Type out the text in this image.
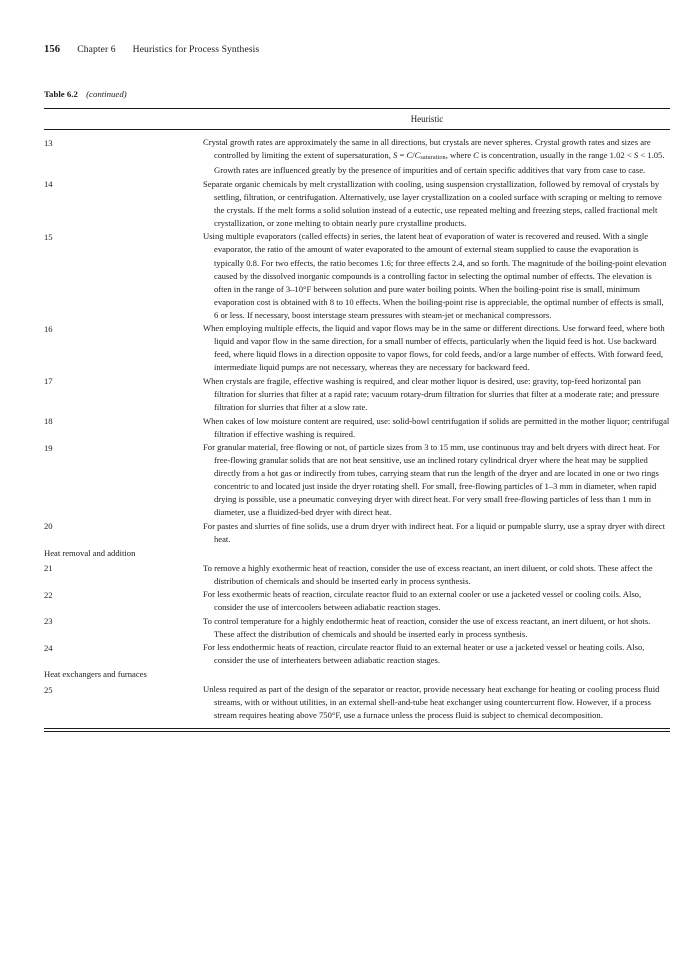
156 Chapter 6 Heuristics for Process Synthesis
Table 6.2 (continued)
Heuristic
13	Crystal growth rates are approximately the same in all directions, but crystals are never spheres. Crystal growth rates and sizes are controlled by limiting the extent of supersaturation, $S = C/C_{saturation}$, where C is concentration, usually in the range 1.02 < S < 1.05. Growth rates are influenced greatly by the presence of impurities and of certain specific additives that vary from case to case.
14	Separate organic chemicals by melt crystallization with cooling, using suspension crystallization, followed by removal of crystals by settling, filtration, or centrifugation. Alternatively, use layer crystallization on a cooled surface with scraping or melting to remove the crystals. If the melt forms a solid solution instead of a eutectic, use repeated melting and freezing steps, called fractional melt crystallization, or zone melting to obtain nearly pure crystalline products.
15	Using multiple evaporators (called effects) in series, the latent heat of evaporation of water is recovered and reused. With a single evaporator, the ratio of the amount of water evaporated to the amount of external steam supplied to cause the evaporation is typically 0.8. For two effects, the ratio becomes 1.6; for three effects 2.4, and so forth. The magnitude of the boiling-point elevation caused by the dissolved inorganic compounds is a controlling factor in selecting the optimal number of effects. The elevation is often in the range of 3–10°F between solution and pure water boiling points. When the boiling-point rise is small, minimum evaporation cost is obtained with 8 to 10 effects. When the boiling-point rise is appreciable, the optimal number of effects is small, 6 or less. If necessary, boost interstage steam pressures with steam-jet or mechanical compressors.
16	When employing multiple effects, the liquid and vapor flows may be in the same or different directions. Use forward feed, where both liquid and vapor flow in the same direction, for a small number of effects, particularly when the liquid feed is hot. Use backward feed, where liquid flows in a direction opposite to vapor flows, for cold feeds, and/or a large number of effects. With forward feed, intermediate liquid pumps are not necessary, whereas they are necessary for backward feed.
17	When crystals are fragile, effective washing is required, and clear mother liquor is desired, use: gravity, top-feed horizontal pan filtration for slurries that filter at a rapid rate; vacuum rotary-drum filtration for slurries that filter at a moderate rate; and pressure filtration for slurries that filter at a slow rate.
18	When cakes of low moisture content are required, use: solid-bowl centrifugation if solids are permitted in the mother liquor; centrifugal filtration if effective washing is required.
19	For granular material, free flowing or not, of particle sizes from 3 to 15 mm, use continuous tray and belt dryers with direct heat. For free-flowing granular solids that are not heat sensitive, use an inclined rotary cylindrical dryer where the heat may be supplied directly from a hot gas or indirectly from tubes, carrying steam that run the length of the dryer and are located in one or two rings concentric to and located just inside the dryer rotating shell. For small, free-flowing particles of 1–3 mm in diameter, when rapid drying is possible, use a pneumatic conveying dryer with direct heat. For very small free-flowing particles of less than 1 mm in diameter, use a fluidized-bed dryer with direct heat.
20	For pastes and slurries of fine solids, use a drum dryer with indirect heat. For a liquid or pumpable slurry, use a spray dryer with direct heat.
Heat removal and addition
21	To remove a highly exothermic heat of reaction, consider the use of excess reactant, an inert diluent, or cold shots. These affect the distribution of chemicals and should be inserted early in process synthesis.
22	For less exothermic heats of reaction, circulate reactor fluid to an external cooler or use a jacketed vessel or cooling coils. Also, consider the use of intercoolers between adiabatic reaction stages.
23	To control temperature for a highly endothermic heat of reaction, consider the use of excess reactant, an inert diluent, or hot shots. These affect the distribution of chemicals and should be inserted early in process synthesis.
24	For less endothermic heats of reaction, circulate reactor fluid to an external heater or use a jacketed vessel or heating coils. Also, consider the use of interheaters between adiabatic reaction stages.
Heat exchangers and furnaces
25	Unless required as part of the design of the separator or reactor, provide necessary heat exchange for heating or cooling process fluid streams, with or without utilities, in an external shell-and-tube heat exchanger using countercurrent flow. However, if a process stream requires heating above 750°F, use a furnace unless the process fluid is subject to chemical decomposition.
